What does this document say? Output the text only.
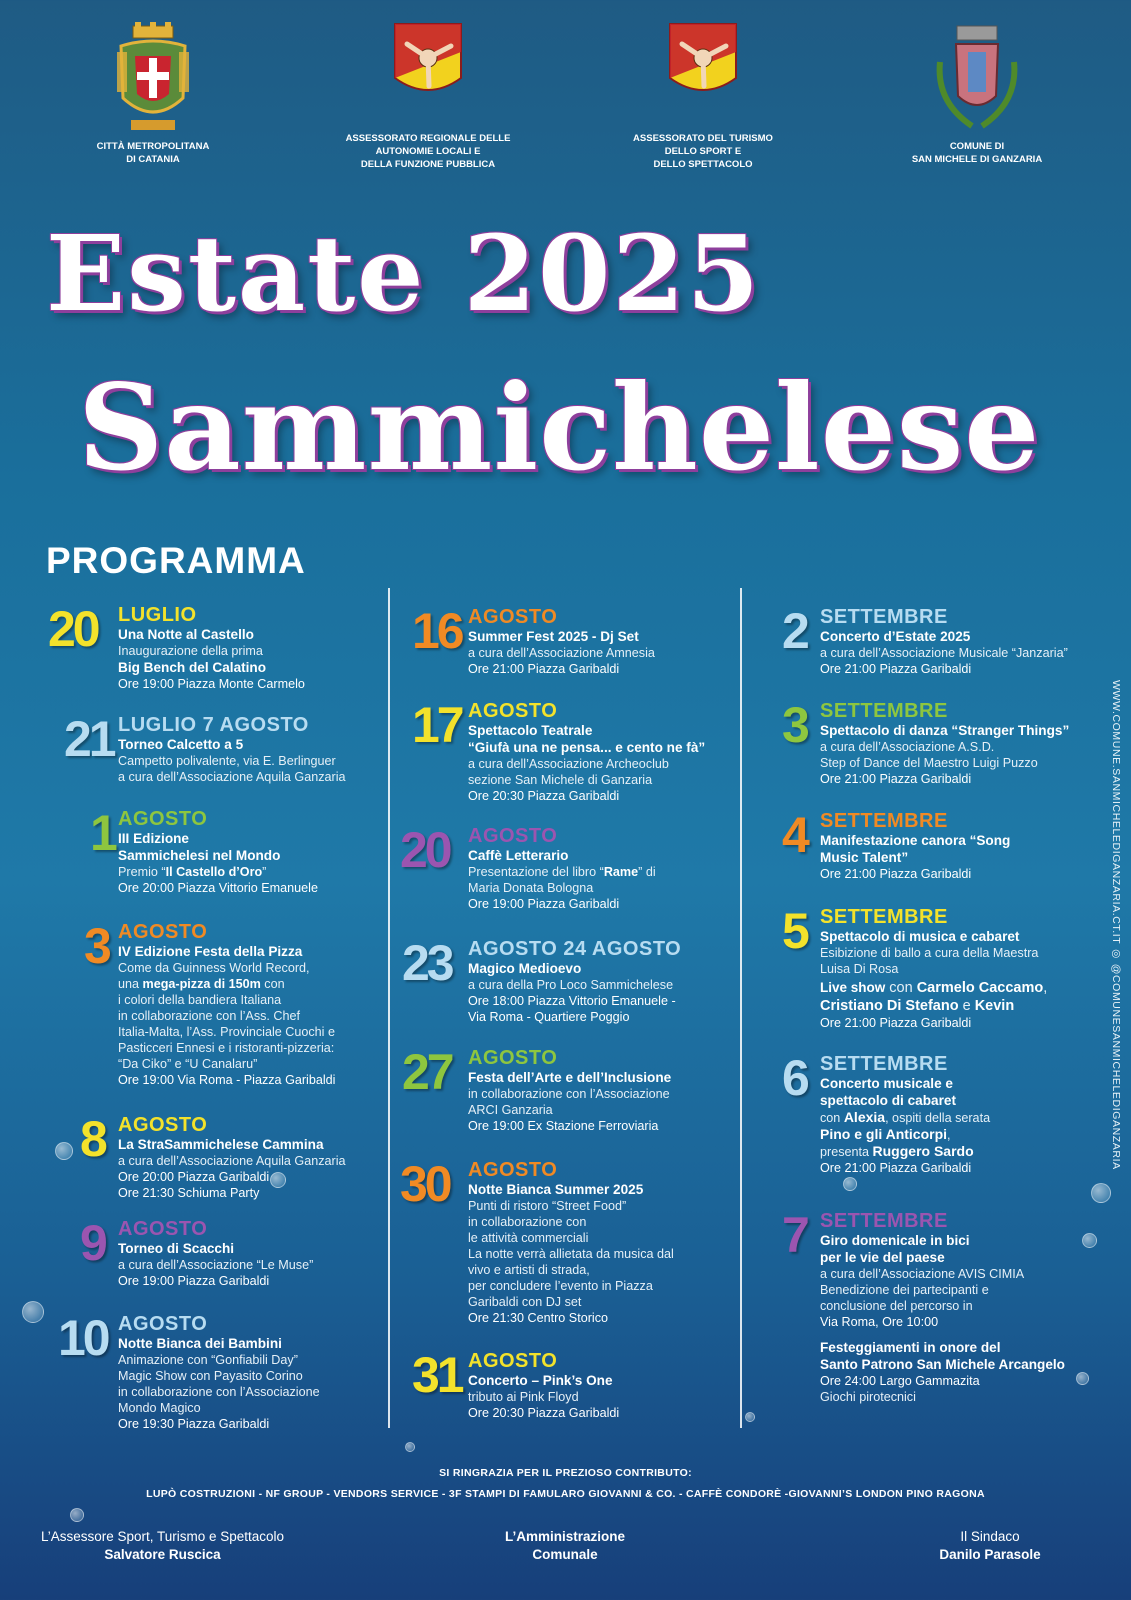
CITTÀ METROPOLITANA
DI CATANIA
ASSESSORATO REGIONALE DELLE
AUTONOMIE LOCALI E
DELLA FUNZIONE PUBBLICA
ASSESSORATO DEL TURISMO
DELLO SPORT E
DELLO SPETTACOLO
COMUNE DI
SAN MICHELE DI GANZARIA
Estate 2025
Sammichelese
PROGRAMMA
20 LUGLIO
Una Notte al Castello
Inaugurazione della prima
Big Bench del Calatino
Ore 19:00 Piazza Monte Carmelo
21 LUGLIO 7 AGOSTO
Torneo Calcetto a 5
Campetto polivalente, via E. Berlinguer
a cura dell’Associazione Aquila Ganzaria
1 AGOSTO
III Edizione
Sammichelesi nel Mondo
Premio “Il Castello d’Oro”
Ore 20:00 Piazza Vittorio Emanuele
3 AGOSTO
IV Edizione Festa della Pizza
Come da Guinness World Record,
una mega-pizza di 150m con
i colori della bandiera Italiana
in collaborazione con l’Ass. Chef
Italia-Malta, l’Ass. Provinciale Cuochi e
Pasticceri Ennesi e i ristoranti-pizzeria:
“Da Ciko” e “U Canalaru”
Ore 19:00 Via Roma - Piazza Garibaldi
8 AGOSTO
La StraSammichelese Cammina
a cura dell’Associazione Aquila Ganzaria
Ore 20:00 Piazza Garibaldi
Ore 21:30 Schiuma Party
9 AGOSTO
Torneo di Scacchi
a cura dell’Associazione “Le Muse”
Ore 19:00 Piazza Garibaldi
10 AGOSTO
Notte Bianca dei Bambini
Animazione con “Gonfiabili Day”
Magic Show con Payasito Corino
in collaborazione con l’Associazione
Mondo Magico
Ore 19:30 Piazza Garibaldi
16 AGOSTO
Summer Fest 2025 - Dj Set
a cura dell’Associazione Amnesia
Ore 21:00 Piazza Garibaldi
17 AGOSTO
Spettacolo Teatrale
“Giufà una ne pensa... e cento ne fà”
a cura dell’Associazione Archeoclub
sezione San Michele di Ganzaria
Ore 20:30 Piazza Garibaldi
20 AGOSTO
Caffè Letterario
Presentazione del libro “Rame” di
Maria Donata Bologna
Ore 19:00 Piazza Garibaldi
23 AGOSTO 24 AGOSTO
Magico Medioevo
a cura della Pro Loco Sammichelese
Ore 18:00 Piazza Vittorio Emanuele -
Via Roma - Quartiere Poggio
27 AGOSTO
Festa dell’Arte e dell’Inclusione
in collaborazione con l’Associazione
ARCI Ganzaria
Ore 19:00 Ex Stazione Ferroviaria
30 AGOSTO
Notte Bianca Summer 2025
Punti di ristoro “Street Food”
in collaborazione con
le attività commerciali
La notte verrà allietata da musica dal
vivo e artisti di strada,
per concludere l’evento in Piazza
Garibaldi con DJ set
Ore 21:30 Centro Storico
31 AGOSTO
Concerto – Pink’s One
tributo ai Pink Floyd
Ore 20:30 Piazza Garibaldi
2 SETTEMBRE
Concerto d’Estate 2025
a cura dell’Associazione Musicale “Janzaria”
Ore 21:00 Piazza Garibaldi
3 SETTEMBRE
Spettacolo di danza “Stranger Things”
a cura dell’Associazione A.S.D.
Step of Dance del Maestro Luigi Puzzo
Ore 21:00 Piazza Garibaldi
4 SETTEMBRE
Manifestazione canora “Song
Music Talent”
Ore 21:00 Piazza Garibaldi
5 SETTEMBRE
Spettacolo di musica e cabaret
Esibizione di ballo a cura della Maestra
Luisa Di Rosa
Live show con Carmelo Caccamo,
Cristiano Di Stefano e Kevin
Ore 21:00 Piazza Garibaldi
6 SETTEMBRE
Concerto musicale e
spettacolo di cabaret
con Alexia, ospiti della serata
Pino e gli Anticorpi,
presenta Ruggero Sardo
Ore 21:00 Piazza Garibaldi
7 SETTEMBRE
Giro domenicale in bici
per le vie del paese
a cura dell’Associazione AVIS CIMIA
Benedizione dei partecipanti e
conclusione del percorso in
Via Roma, Ore 10:00
Festeggiamenti in onore del
Santo Patrono San Michele Arcangelo
Ore 24:00 Largo Gammazita
Giochi pirotecnici
WWW.COMUNE.SANMICHELEDIGANZARIA.CT.IT ◎ @COMUNESANMICHELEDIGANZARIA
SI RINGRAZIA PER IL PREZIOSO CONTRIBUTO:
LUPÒ COSTRUZIONI - NF GROUP - VENDORS SERVICE - 3F STAMPI DI FAMULARO GIOVANNI & CO. - CAFFÈ CONDORÈ -GIOVANNI’S LONDON PINO RAGONA
L’Assessore Sport, Turismo e Spettacolo
Salvatore Ruscica
L’Amministrazione
Comunale
Il Sindaco
Danilo Parasole
